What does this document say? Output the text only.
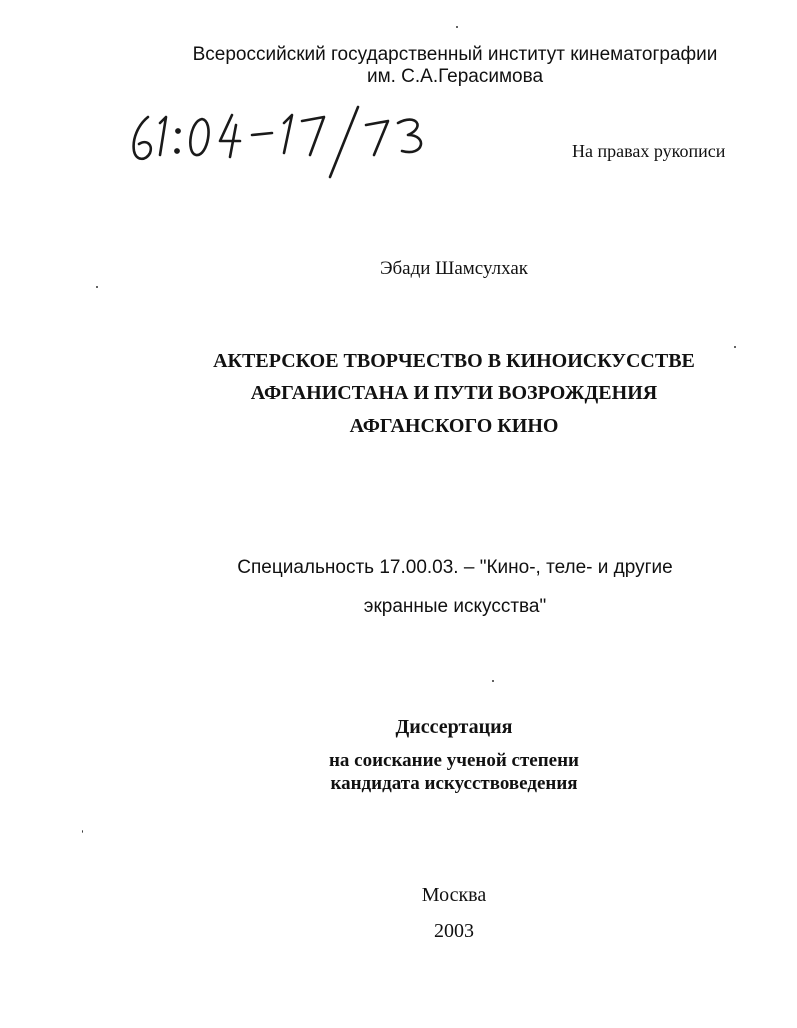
Всероссийский государственный институт кинематографии
им. С.А.Герасимова
На правах рукописи
Эбади Шамсулхак
АКТЕРСКОЕ ТВОРЧЕСТВО В КИНОИСКУССТВЕ
АФГАНИСТАНА И ПУТИ ВОЗРОЖДЕНИЯ
АФГАНСКОГО КИНО
Специальность 17.00.03. – "Кино-, теле- и другие
экранные искусства"
Диссертация
на соискание ученой степени
кандидата искусствоведения
Москва
2003
